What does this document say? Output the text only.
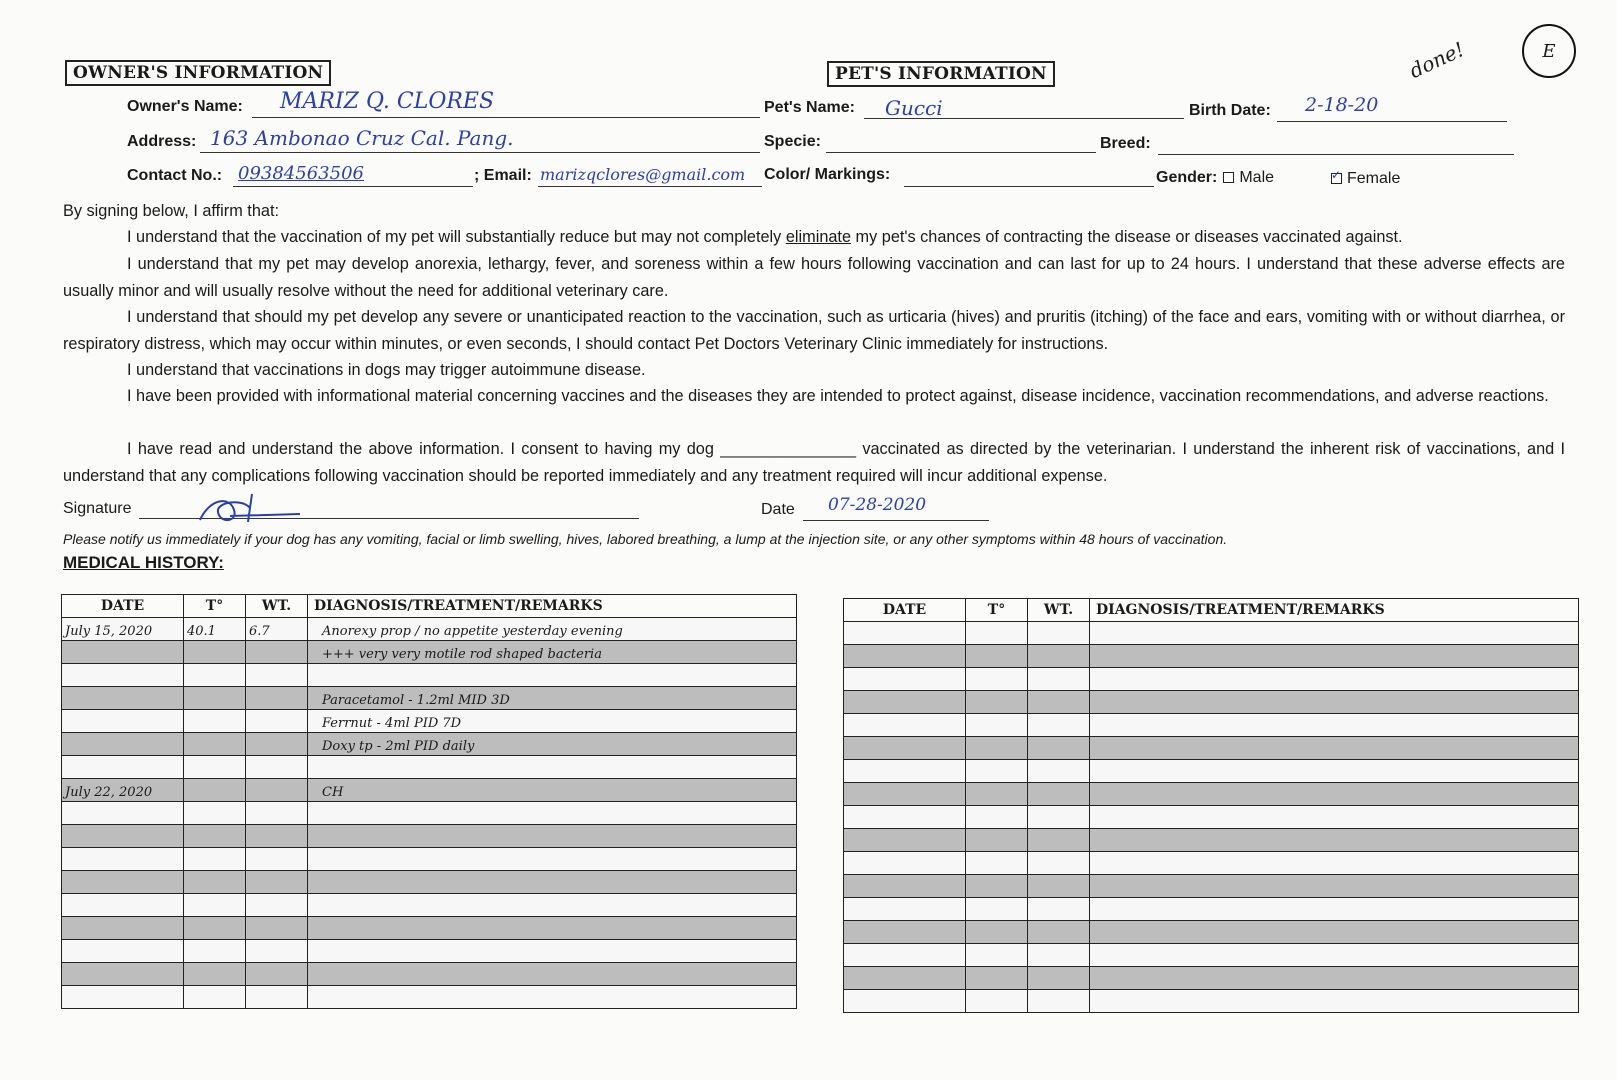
done!	E
OWNER'S INFORMATION
Owner's Name: MARIZ Q. CLORES
Address: 163 Ambonao Cruz Cal. Pang.
Contact No.: 09384563506	; Email: marizqclores@gmail.com
PET'S INFORMATION
Pet's Name: Gucci	Birth Date: 2-18-20
Specie:	Breed:
Color/ Markings:	Gender: Male ✓	Female
By signing below, I affirm that:
I understand that the vaccination of my pet will substantially reduce but may not completely eliminate my pet's chances of contracting the disease or diseases vaccinated against.
I understand that my pet may develop anorexia, lethargy, fever, and soreness within a few hours following vaccination and can last for up to 24 hours. I understand that these adverse effects are usually minor and will usually resolve without the need for additional veterinary care.
I understand that should my pet develop any severe or unanticipated reaction to the vaccination, such as urticaria (hives) and pruritis (itching) of the face and ears, vomiting with or without diarrhea, or respiratory distress, which may occur within minutes, or even seconds, I should contact Pet Doctors Veterinary Clinic immediately for instructions.
I understand that vaccinations in dogs may trigger autoimmune disease.
I have been provided with informational material concerning vaccines and the diseases they are intended to protect against, disease incidence, vaccination recommendations, and adverse reactions.
I have read and understand the above information. I consent to having my dog _______________ vaccinated as directed by the veterinarian. I understand the inherent risk of vaccinations, and I understand that any complications following vaccination should be reported immediately and any treatment required will incur additional expense.
Signature	Date 07-28-2020
Please notify us immediately if your dog has any vomiting, facial or limb swelling, hives, labored breathing, a lump at the injection site, or any other symptoms within 48 hours of vaccination.
MEDICAL HISTORY:
DATE	T°	WT.	DIAGNOSIS/TREATMENT/REMARKS
July 15, 2020	40.1	6.7	Anorexy prop / no appetite yesterday evening
			+++ very very motile rod shaped bacteria

			Paracetamol - 1.2ml MID 3D
			Ferrnut - 4ml PID 7D
			Doxy tp - 2ml PID daily

July 22, 2020			CH

DATE	T°	WT.	DIAGNOSIS/TREATMENT/REMARKS
